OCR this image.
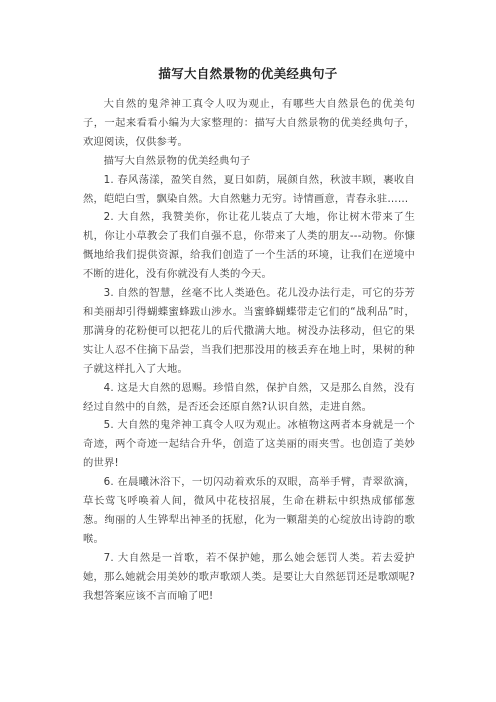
描写大自然景物的优美经典句子

大自然的鬼斧神工真令人叹为观止，有哪些大自然景色的优美句子，一起来看看小编为大家整理的：描写大自然景物的优美经典句子，欢迎阅读，仅供参考。

描写大自然景物的优美经典句子

1. 春风荡漾，盈笑自然，夏日如荫，展颜自然，秋波丰顾，裹收自然，皑皑白雪，飘染自然。大自然魅力无穷。诗情画意，青春永驻……

2. 大自然，我赞美你，你让花儿装点了大地，你让树木带来了生机，你让小草教会了我们自强不息，你带来了人类的朋友---动物。你慷慨地给我们提供资源，给我们创造了一个生活的环境，让我们在逆境中不断的进化，没有你就没有人类的今天。

3. 自然的智慧，丝毫不比人类逊色。花儿没办法行走，可它的芬芳和美丽却引得蝴蝶蜜蜂跋山涉水。当蜜蜂蝴蝶带走它们的“战利品”时，那满身的花粉便可以把花儿的后代撒满大地。树没办法移动，但它的果实让人忍不住摘下品尝，当我们把那没用的核丢弃在地上时，果树的种子就这样扎入了大地。

4. 这是大自然的恩赐。珍惜自然，保护自然，又是那么自然，没有经过自然中的自然，是否还会还原自然?认识自然，走进自然。

5. 大自然的鬼斧神工真令人叹为观止。冰植物这两者本身就是一个奇迹，两个奇迹一起结合升华，创造了这美丽的雨夹雪。也创造了美妙的世界!

6. 在晨曦沐浴下，一切闪动着欢乐的双眼，高举手臂，青翠欲滴，草长莺飞呼唤着人间，微风中花枝招展，生命在耕耘中织热成郁郁葱葱。绚丽的人生铧犁出神圣的抚慰，化为一颗甜美的心绽放出诗韵的歌喉。

7. 大自然是一首歌，若不保护她，那么她会惩罚人类。若去爱护她，那么她就会用美妙的歌声歌颂人类。是要让大自然惩罚还是歌颂呢?我想答案应该不言而喻了吧!
